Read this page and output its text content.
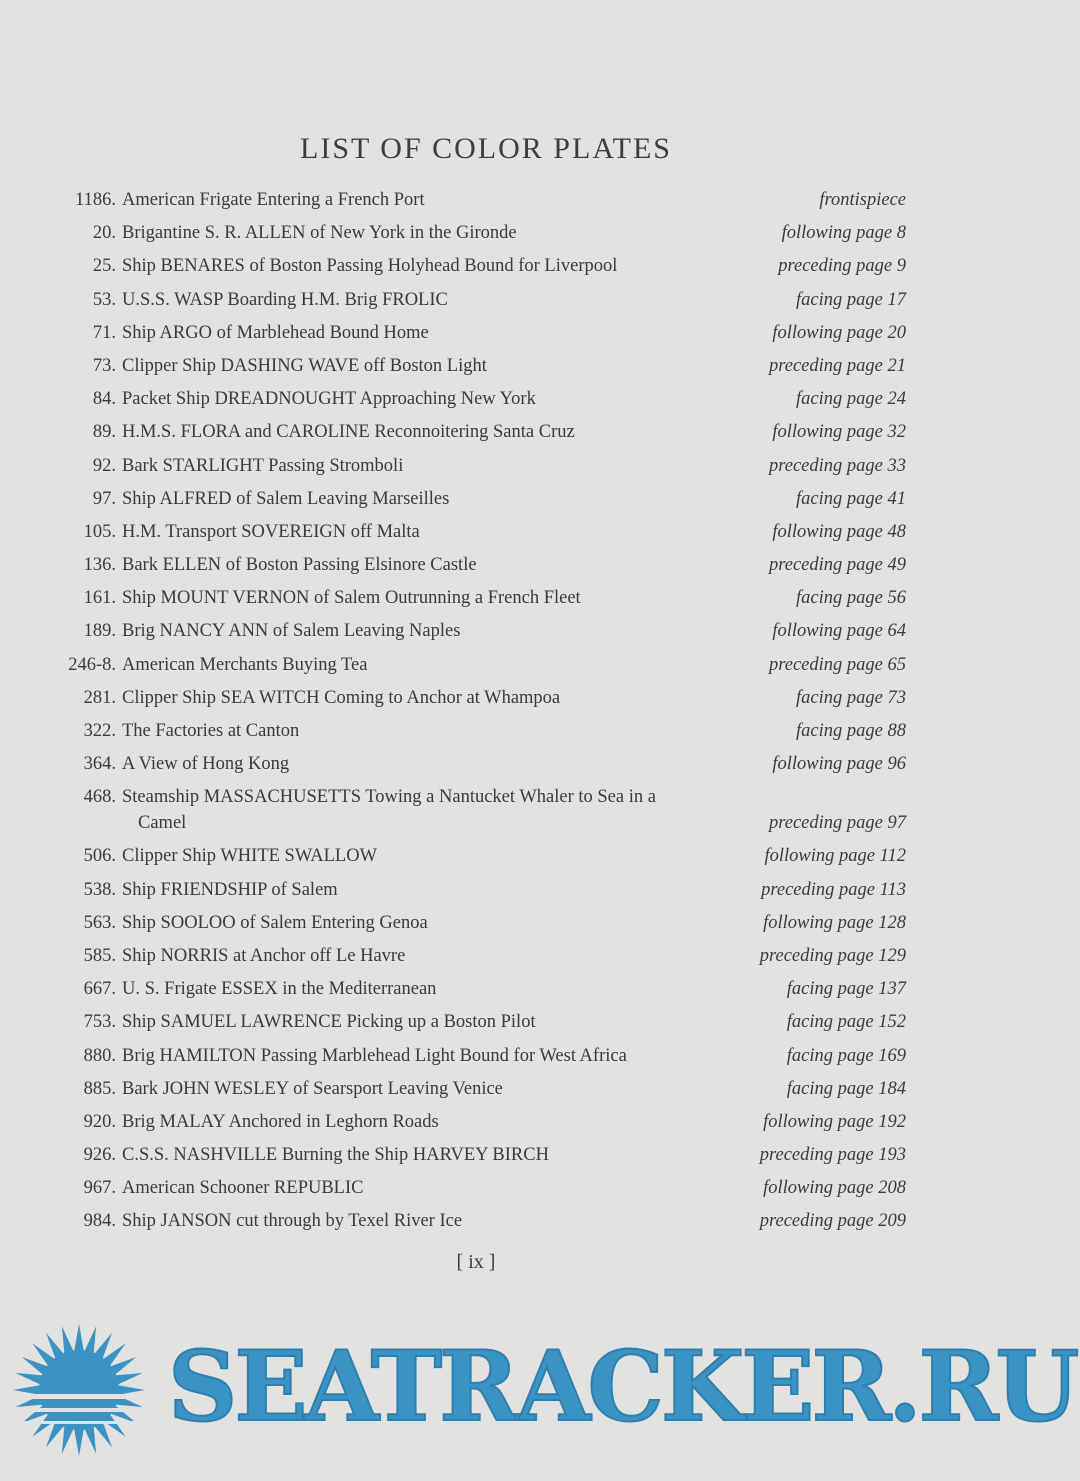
LIST OF COLOR PLATES
1186. American Frigate Entering a French Port	frontispiece
20. Brigantine S. R. ALLEN of New York in the Gironde	following page 8
25. Ship BENARES of Boston Passing Holyhead Bound for Liverpool	preceding page 9
53. U.S.S. WASP Boarding H.M. Brig FROLIC	facing page 17
71. Ship ARGO of Marblehead Bound Home	following page 20
73. Clipper Ship DASHING WAVE off Boston Light	preceding page 21
84. Packet Ship DREADNOUGHT Approaching New York	facing page 24
89. H.M.S. FLORA and CAROLINE Reconnoitering Santa Cruz	following page 32
92. Bark STARLIGHT Passing Stromboli	preceding page 33
97. Ship ALFRED of Salem Leaving Marseilles	facing page 41
105. H.M. Transport SOVEREIGN off Malta	following page 48
136. Bark ELLEN of Boston Passing Elsinore Castle	preceding page 49
161. Ship MOUNT VERNON of Salem Outrunning a French Fleet	facing page 56
189. Brig NANCY ANN of Salem Leaving Naples	following page 64
246-8. American Merchants Buying Tea	preceding page 65
281. Clipper Ship SEA WITCH Coming to Anchor at Whampoa	facing page 73
322. The Factories at Canton	facing page 88
364. A View of Hong Kong	following page 96
468. Steamship MASSACHUSETTS Towing a Nantucket Whaler to Sea in a
Camel	preceding page 97
506. Clipper Ship WHITE SWALLOW	following page 112
538. Ship FRIENDSHIP of Salem	preceding page 113
563. Ship SOOLOO of Salem Entering Genoa	following page 128
585. Ship NORRIS at Anchor off Le Havre	preceding page 129
667. U. S. Frigate ESSEX in the Mediterranean	facing page 137
753. Ship SAMUEL LAWRENCE Picking up a Boston Pilot	facing page 152
880. Brig HAMILTON Passing Marblehead Light Bound for West Africa	facing page 169
885. Bark JOHN WESLEY of Searsport Leaving Venice	facing page 184
920. Brig MALAY Anchored in Leghorn Roads	following page 192
926. C.S.S. NASHVILLE Burning the Ship HARVEY BIRCH	preceding page 193
967. American Schooner REPUBLIC	following page 208
984. Ship JANSON cut through by Texel River Ice	preceding page 209
[ ix ]
SEATRACKER.RU
